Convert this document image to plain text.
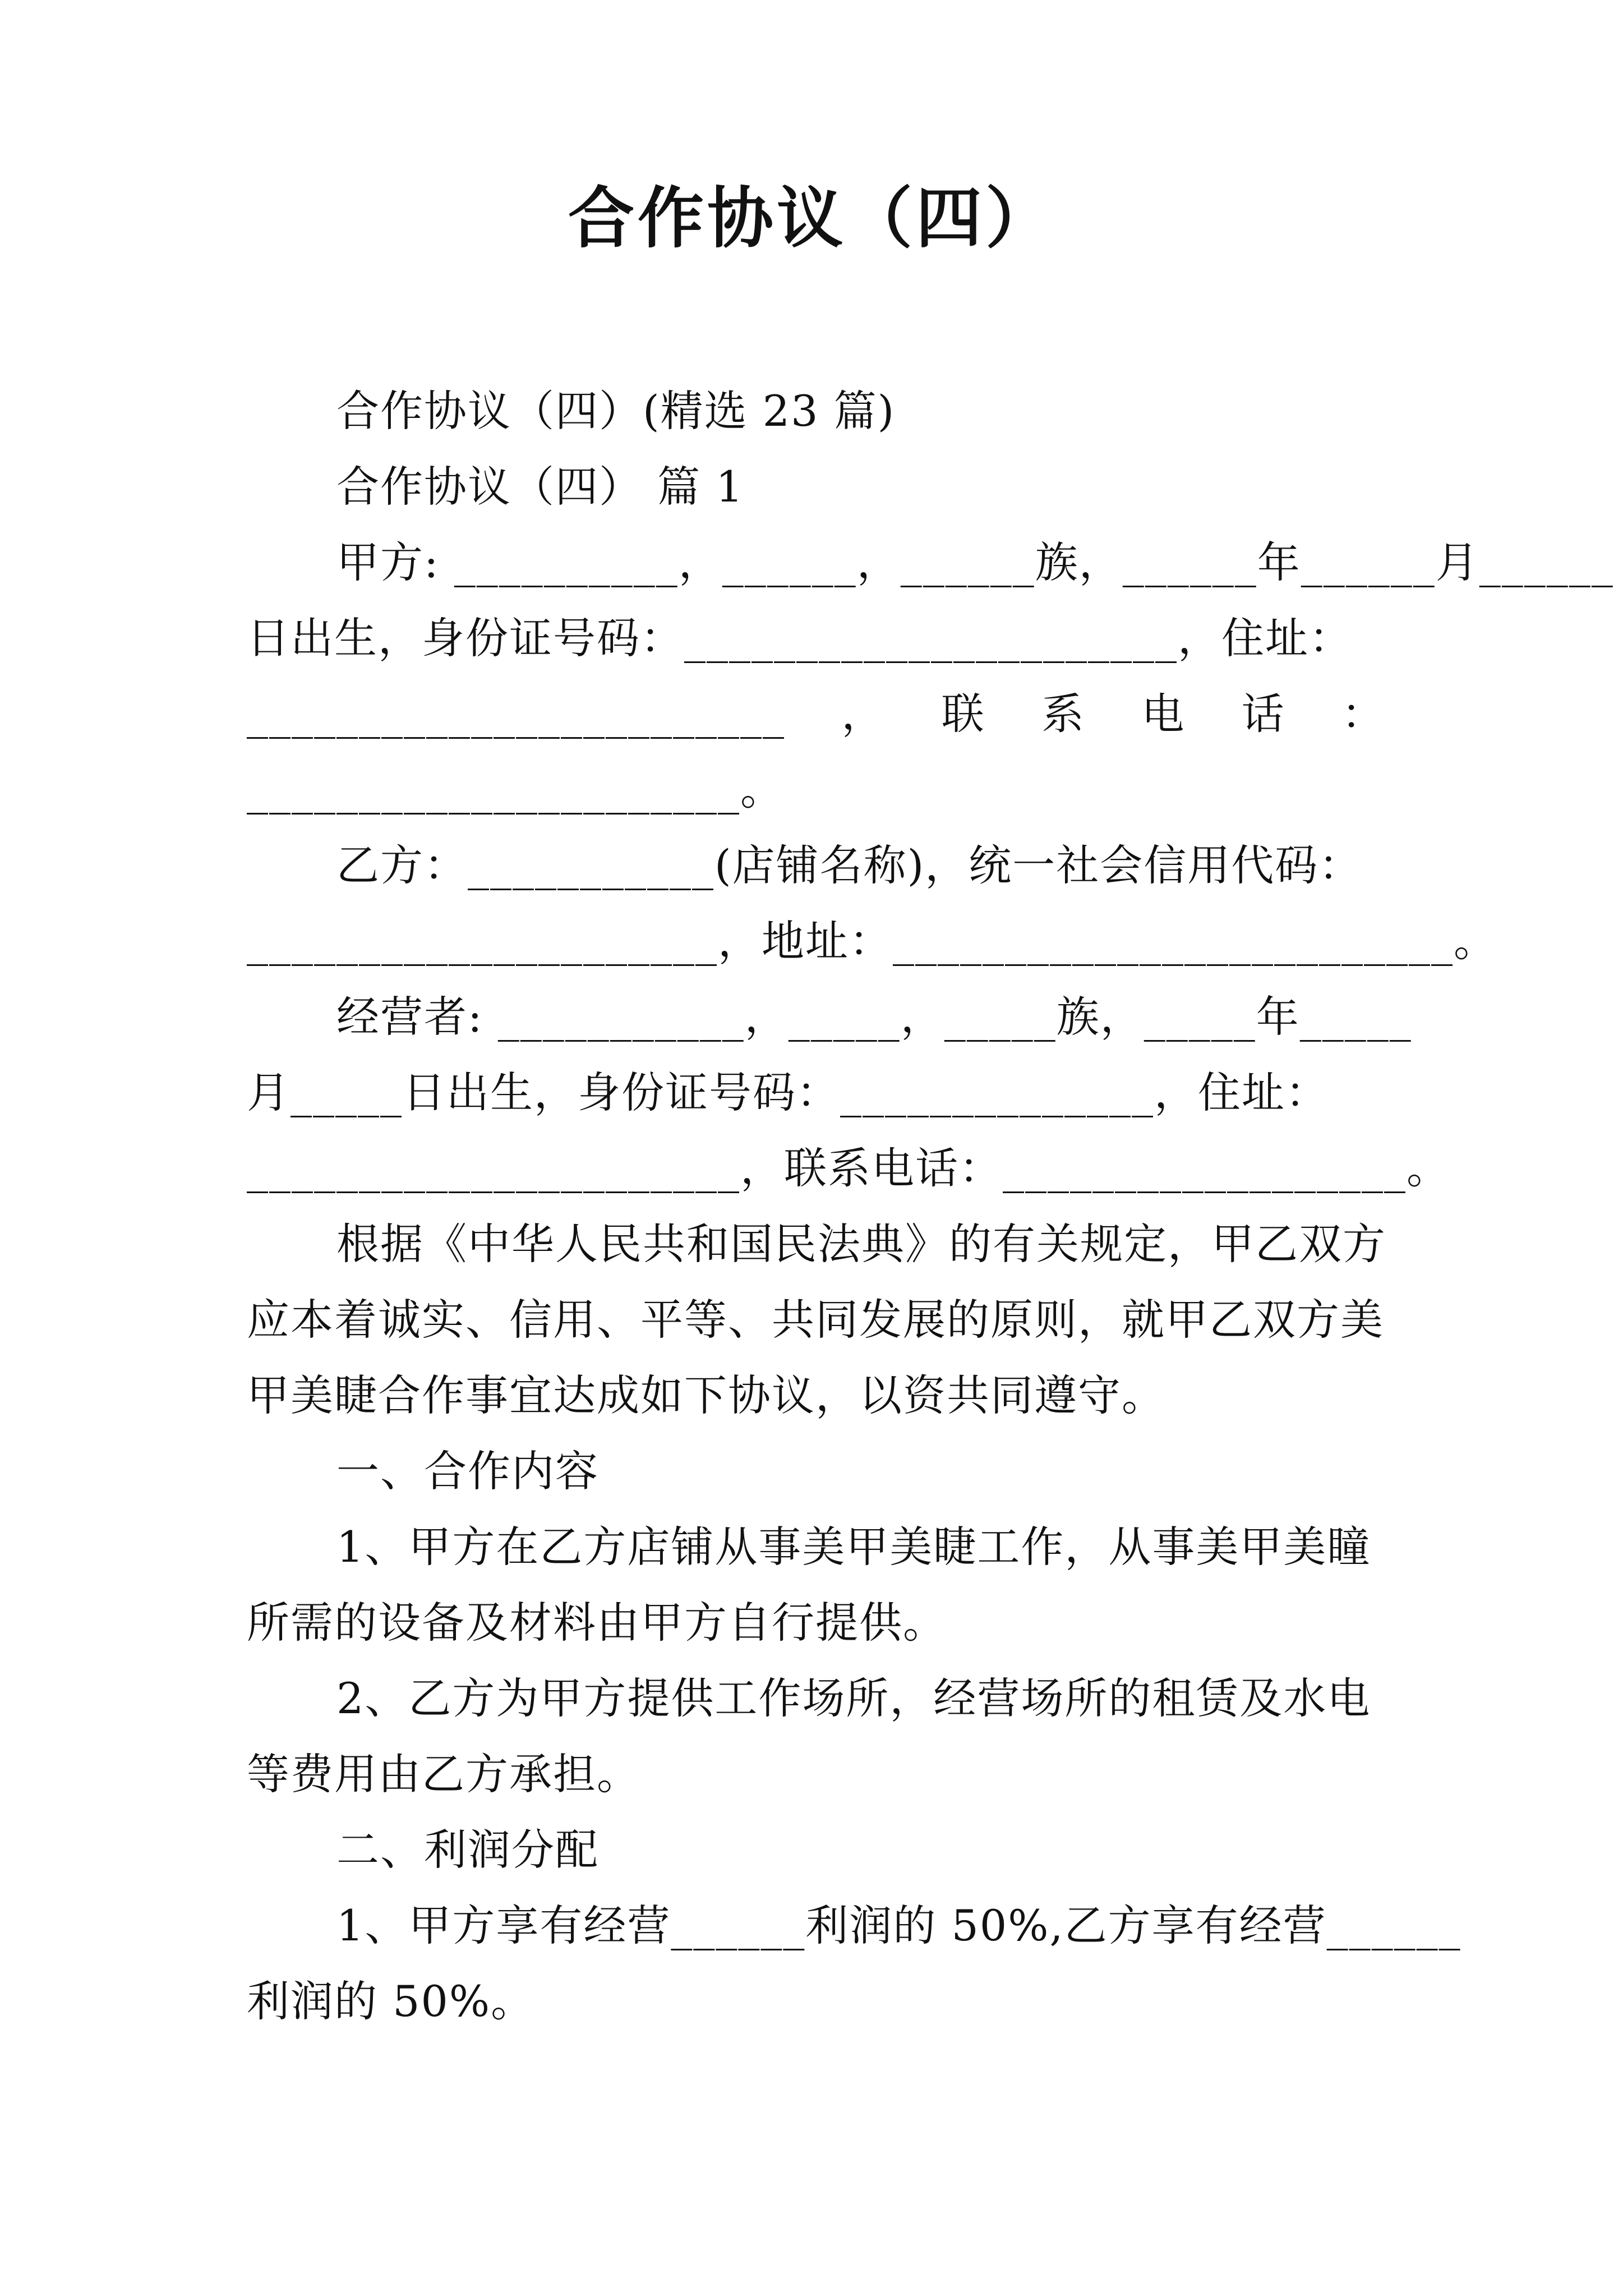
合作协议（四）
合作协议（四）(精选 23 篇)
合作协议（四） 篇 1
甲方: __________，______，______族，______年______月______
日出生，身份证号码：______________________，住址：
________________________ ， 联 系 电 话 ：
______________________。
乙方：___________(店铺名称)，统一社会信用代码：
_____________________，地址：_________________________。
经营者: ___________，_____，_____族，_____年_____
月_____日出生，身份证号码：______________，住址：
______________________，联系电话：__________________。
根据《中华人民共和国民法典》的有关规定，甲乙双方
应本着诚实、信用、平等、共同发展的原则，就甲乙双方美
甲美睫合作事宜达成如下协议，以资共同遵守。
一、合作内容
1、甲方在乙方店铺从事美甲美睫工作，从事美甲美瞳
所需的设备及材料由甲方自行提供。
2、乙方为甲方提供工作场所，经营场所的租赁及水电
等费用由乙方承担。
二、利润分配
1、甲方享有经营______利润的 50%,乙方享有经营______
利润的 50%。
